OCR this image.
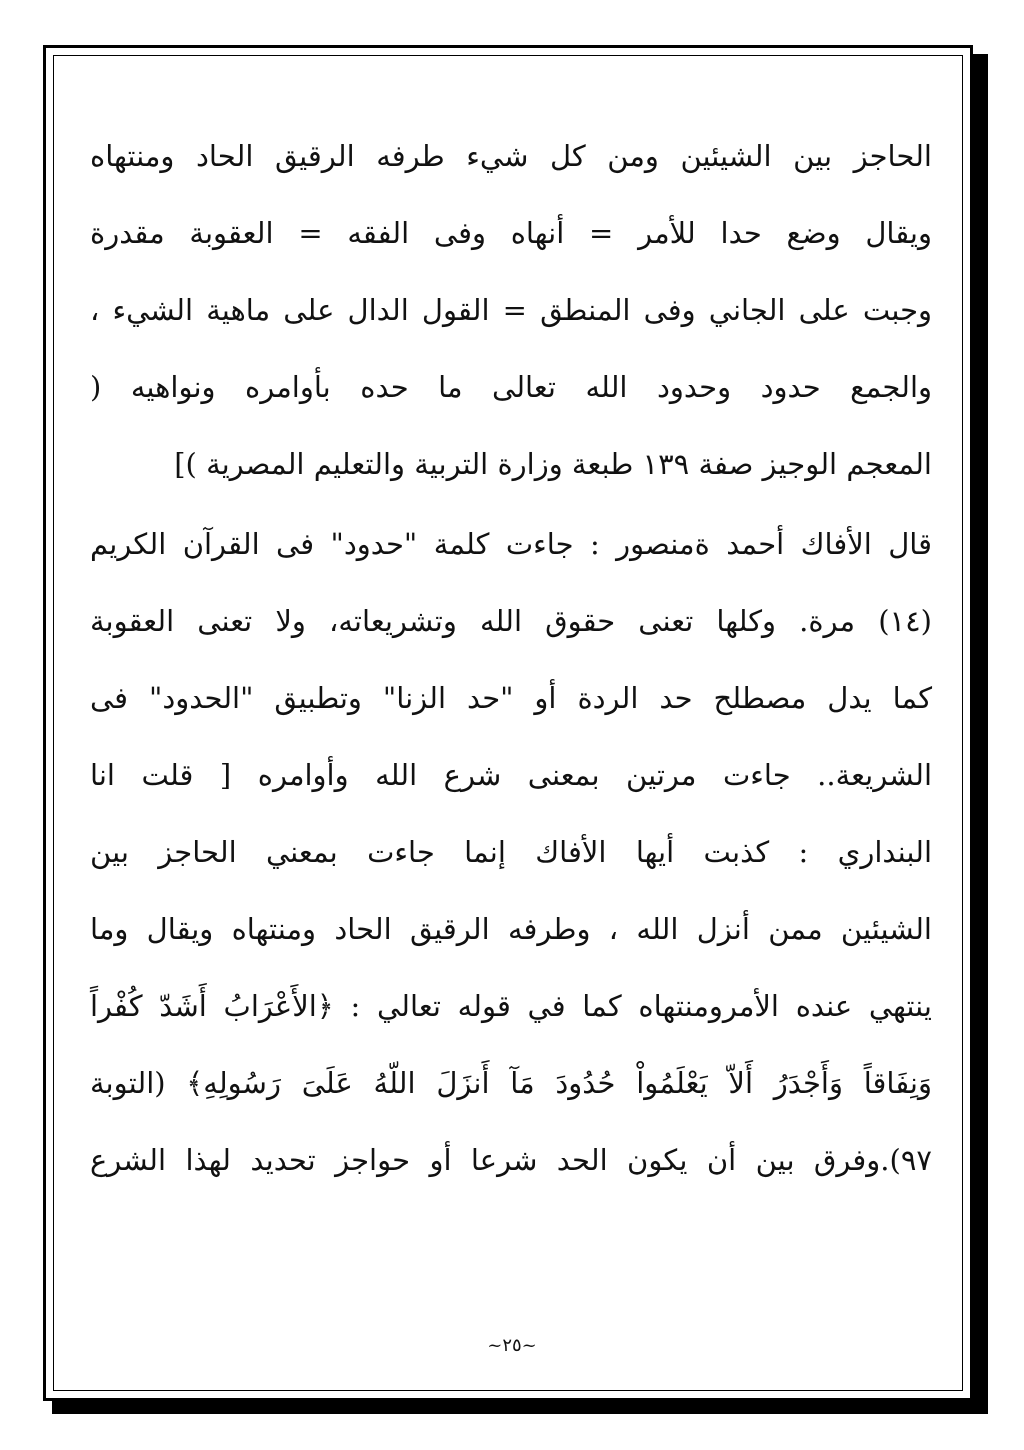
الحاجز بين الشيئين ومن كل شيء طرفه الرقيق الحاد ومنتهاه
ويقال وضع حدا للأمر = أنهاه وفى الفقه = العقوبة مقدرة
وجبت على الجاني وفى المنطق = القول الدال على ماهية الشيء ،
والجمع حدود وحدود الله تعالى ما حده بأوامره ونواهيه (
المعجم الوجيز صفة ١٣٩ طبعة وزارة التربية والتعليم المصرية )]
قال الأفاك أحمد ةمنصور : جاءت كلمة "حدود" فى القرآن الكريم
(١٤) مرة. وكلها تعنى حقوق الله وتشريعاته، ولا تعنى العقوبة
كما يدل مصطلح حد الردة أو "حد الزنا" وتطبيق "الحدود" فى
الشريعة.. جاءت مرتين بمعنى شرع الله وأوامره [ قلت انا
البنداري : كذبت أيها الأفاك إنما جاءت بمعني الحاجز بين
الشيئين ممن أنزل الله ، وطرفه الرقيق الحاد ومنتهاه ويقال وما
ينتهي عنده الأمرومنتهاه كما في قوله تعالي : ﴿الأَعْرَابُ أَشَدّ كُفْراً
وَنِفَاقاً وَأَجْدَرُ أَلاّ يَعْلَمُواْ حُدُودَ مَآ أَنزَلَ اللّهُ عَلَىَ رَسُولِهِ﴾ (التوبة
٩٧).وفرق بين أن يكون الحد شرعا أو حواجز تحديد لهذا الشرع
~٢٥~
